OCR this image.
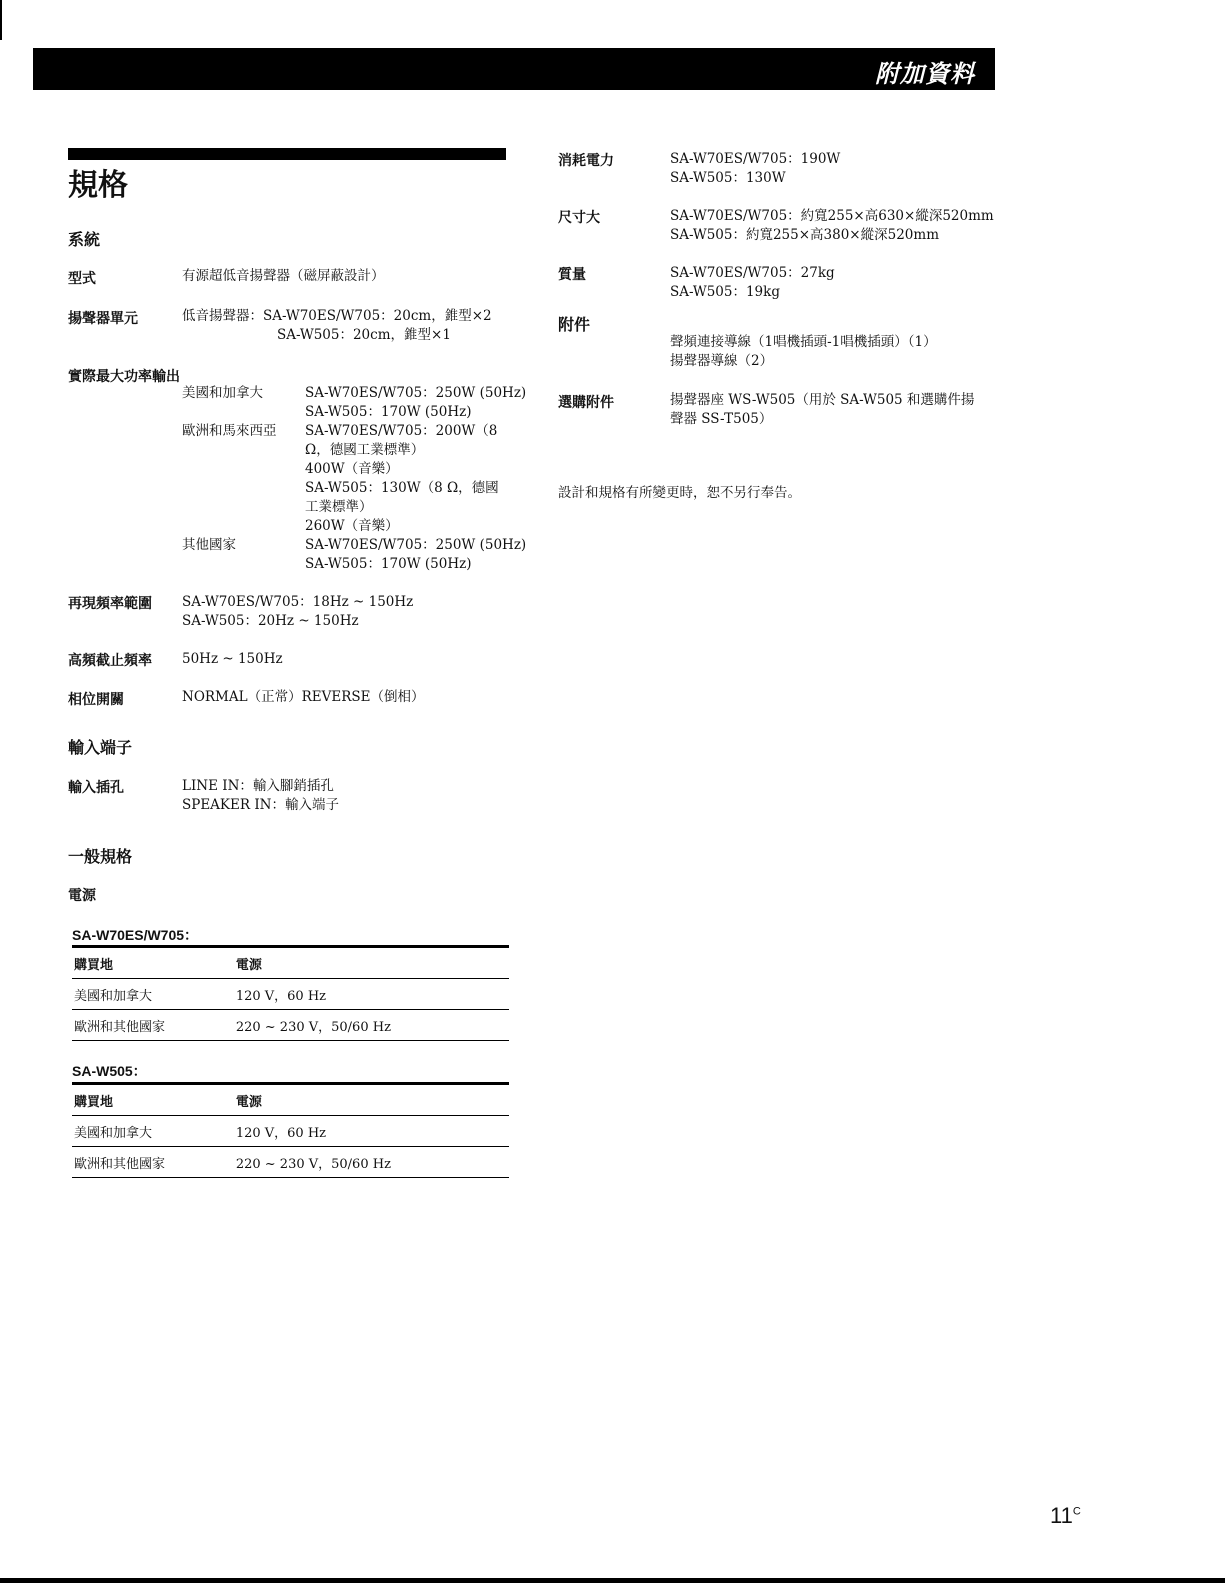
附加資料
規格
系統
型式	有源超低音揚聲器（磁屏蔽設計）
揚聲器單元	低音揚聲器：SA-W70ES/W705：20cm，錐型×2
SA-W505：20cm，錐型×1
實際最大功率輸出
美國和加拿大	SA-W70ES/W705：250W (50Hz)
SA-W505：170W (50Hz)
歐洲和馬來西亞 SA-W70ES/W705：200W（8
Ω，德國工業標準）
400W（音樂）
SA-W505：130W（8 Ω，德國
工業標準）
260W（音樂）
其他國家	SA-W70ES/W705：250W (50Hz)
SA-W505：170W (50Hz)
再現頻率範圍 SA-W70ES/W705：18Hz ~ 150Hz
SA-W505：20Hz ~ 150Hz
高頻截止頻率 50Hz ~ 150Hz
相位開關	NORMAL（正常）REVERSE（倒相）
輸入端子
輸入插孔	LINE IN：輸入腳銷插孔
SPEAKER IN：輸入端子
一般規格
電源
SA-W70ES/W705：
購買地	電源
美國和加拿大	120 V，60 Hz
歐洲和其他國家	220 ~ 230 V，50/60 Hz
SA-W505：
購買地	電源
美國和加拿大	120 V，60 Hz
歐洲和其他國家	220 ~ 230 V，50/60 Hz
消耗電力	SA-W70ES/W705：190W
SA-W505：130W
尺寸大	SA-W70ES/W705：約寬255×高630×縱深520mm
SA-W505：約寬255×高380×縱深520mm
質量	SA-W70ES/W705：27kg
SA-W505：19kg
附件
聲頻連接導線（1唱機插頭-1唱機插頭）（1）
揚聲器導線（2）
選購附件	揚聲器座 WS-W505（用於 SA-W505 和選購件揚
聲器 SS-T505）
設計和規格有所變更時，恕不另行奉告。
$11^C$
